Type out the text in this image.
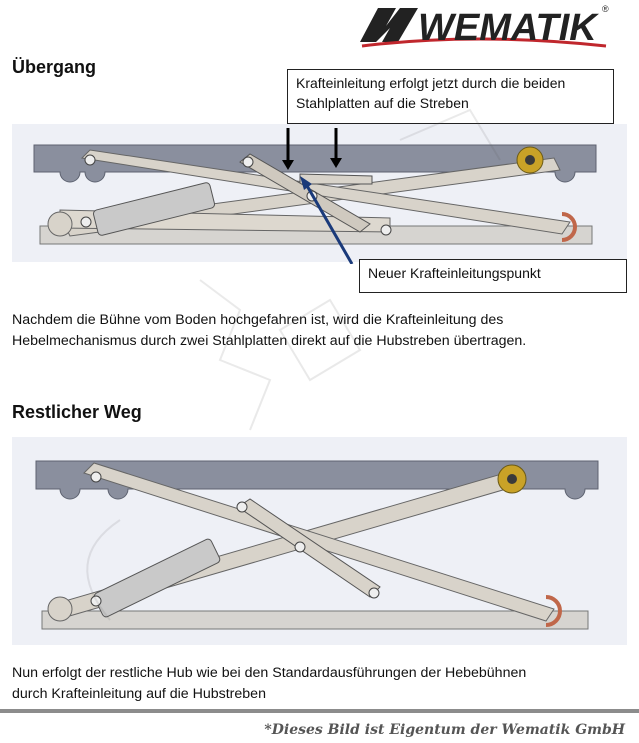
WEMATIK ®
Übergang
Krafteinleitung erfolgt jetzt durch die beiden Stahlplatten auf die Streben
Neuer Krafteinleitungspunkt
Nachdem die Bühne vom Boden hochgefahren ist, wird die Krafteinleitung des
Hebelmechanismus durch zwei Stahlplatten direkt auf die Hubstreben übertragen.
Restlicher Weg
Nun erfolgt der restliche Hub wie bei den Standardausführungen der Hebebühnen
durch Krafteinleitung auf die Hubstreben
*Dieses Bild ist Eigentum der Wematik GmbH
